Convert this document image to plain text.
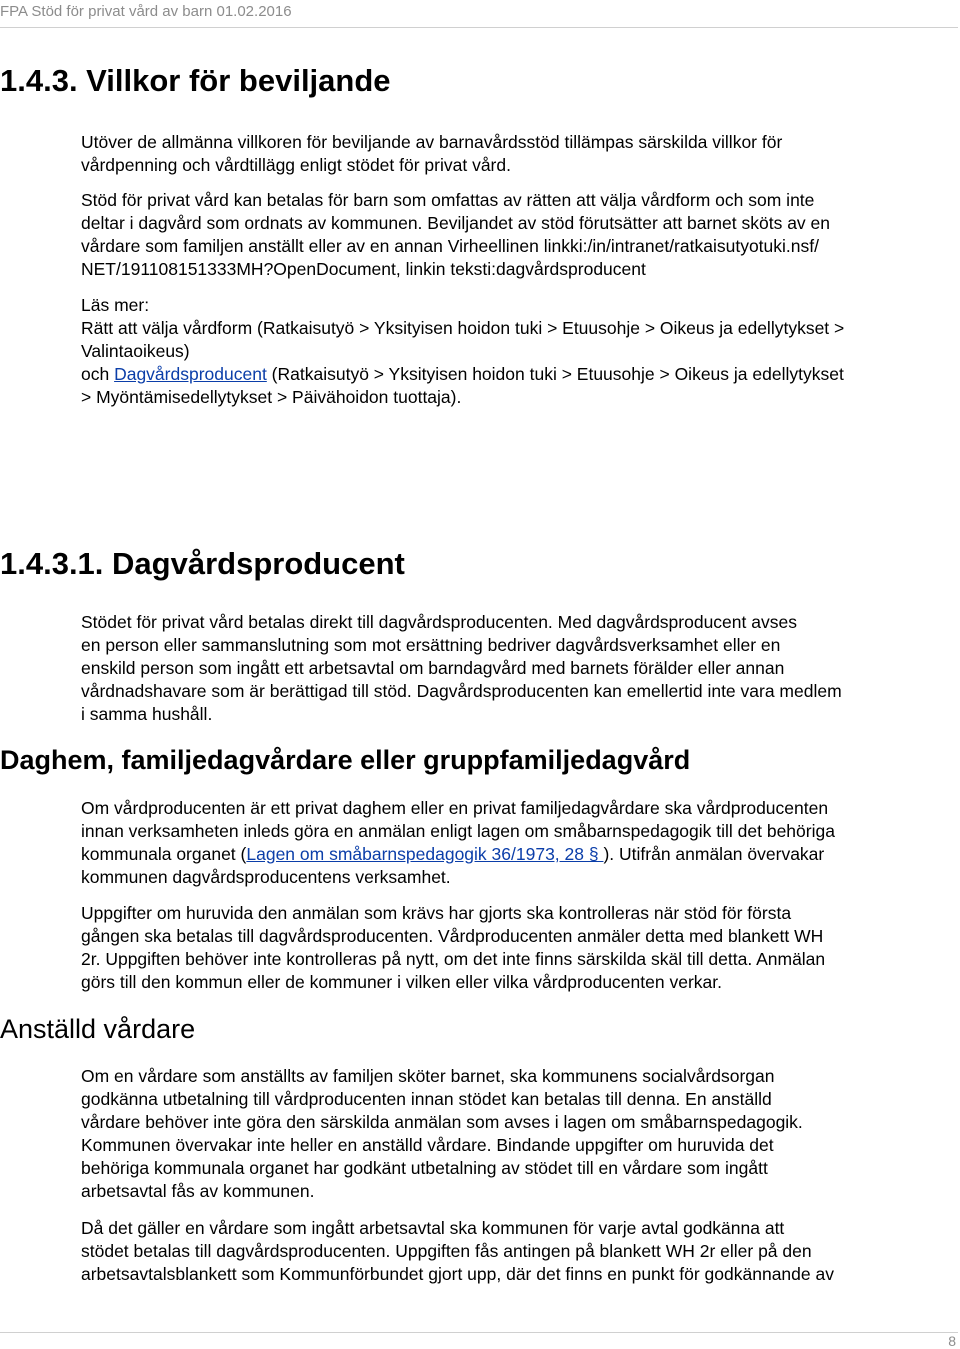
FPA Stöd för privat vård av barn 01.02.2016
1.4.3. Villkor för beviljande
Utöver de allmänna villkoren för beviljande av barnavårdsstöd tillämpas särskilda villkor för
vårdpenning och vårdtillägg enligt stödet för privat vård.
Stöd för privat vård kan betalas för barn som omfattas av rätten att välja vårdform och som inte
deltar i dagvård som ordnats av kommunen. Beviljandet av stöd förutsätter att barnet sköts av en
vårdare som familjen anställt eller av en annan Virheellinen linkki:/in/intranet/ratkaisutyotuki.nsf/
NET/191108151333MH?OpenDocument, linkin teksti:dagvårdsproducent
Läs mer:
Rätt att välja vårdform (Ratkaisutyö > Yksityisen hoidon tuki > Etuusohje > Oikeus ja edellytykset >
Valintaoikeus)
och Dagvårdsproducent (Ratkaisutyö > Yksityisen hoidon tuki > Etuusohje > Oikeus ja edellytykset
> Myöntämisedellytykset > Päivähoidon tuottaja).
1.4.3.1. Dagvårdsproducent
Stödet för privat vård betalas direkt till dagvårdsproducenten. Med dagvårdsproducent avses
en person eller sammanslutning som mot ersättning bedriver dagvårdsverksamhet eller en
enskild person som ingått ett arbetsavtal om barndagvård med barnets förälder eller annan
vårdnadshavare som är berättigad till stöd. Dagvårdsproducenten kan emellertid inte vara medlem
i samma hushåll.
Daghem, familjedagvårdare eller gruppfamiljedagvård
Om vårdproducenten är ett privat daghem eller en privat familjedagvårdare ska vårdproducenten
innan verksamheten inleds göra en anmälan enligt lagen om småbarnspedagogik till det behöriga
kommunala organet (Lagen om småbarnspedagogik 36/1973, 28 § ). Utifrån anmälan övervakar
kommunen dagvårdsproducentens verksamhet.
Uppgifter om huruvida den anmälan som krävs har gjorts ska kontrolleras när stöd för första
gången ska betalas till dagvårdsproducenten. Vårdproducenten anmäler detta med blankett WH
2r. Uppgiften behöver inte kontrolleras på nytt, om det inte finns särskilda skäl till detta. Anmälan
görs till den kommun eller de kommuner i vilken eller vilka vårdproducenten verkar.
Anställd vårdare
Om en vårdare som anställts av familjen sköter barnet, ska kommunens socialvårdsorgan
godkänna utbetalning till vårdproducenten innan stödet kan betalas till denna. En anställd
vårdare behöver inte göra den särskilda anmälan som avses i lagen om småbarnspedagogik.
Kommunen övervakar inte heller en anställd vårdare. Bindande uppgifter om huruvida det
behöriga kommunala organet har godkänt utbetalning av stödet till en vårdare som ingått
arbetsavtal fås av kommunen.
Då det gäller en vårdare som ingått arbetsavtal ska kommunen för varje avtal godkänna att
stödet betalas till dagvårdsproducenten. Uppgiften fås antingen på blankett WH 2r eller på den
arbetsavtalsblankett som Kommunförbundet gjort upp, där det finns en punkt för godkännande av
8
